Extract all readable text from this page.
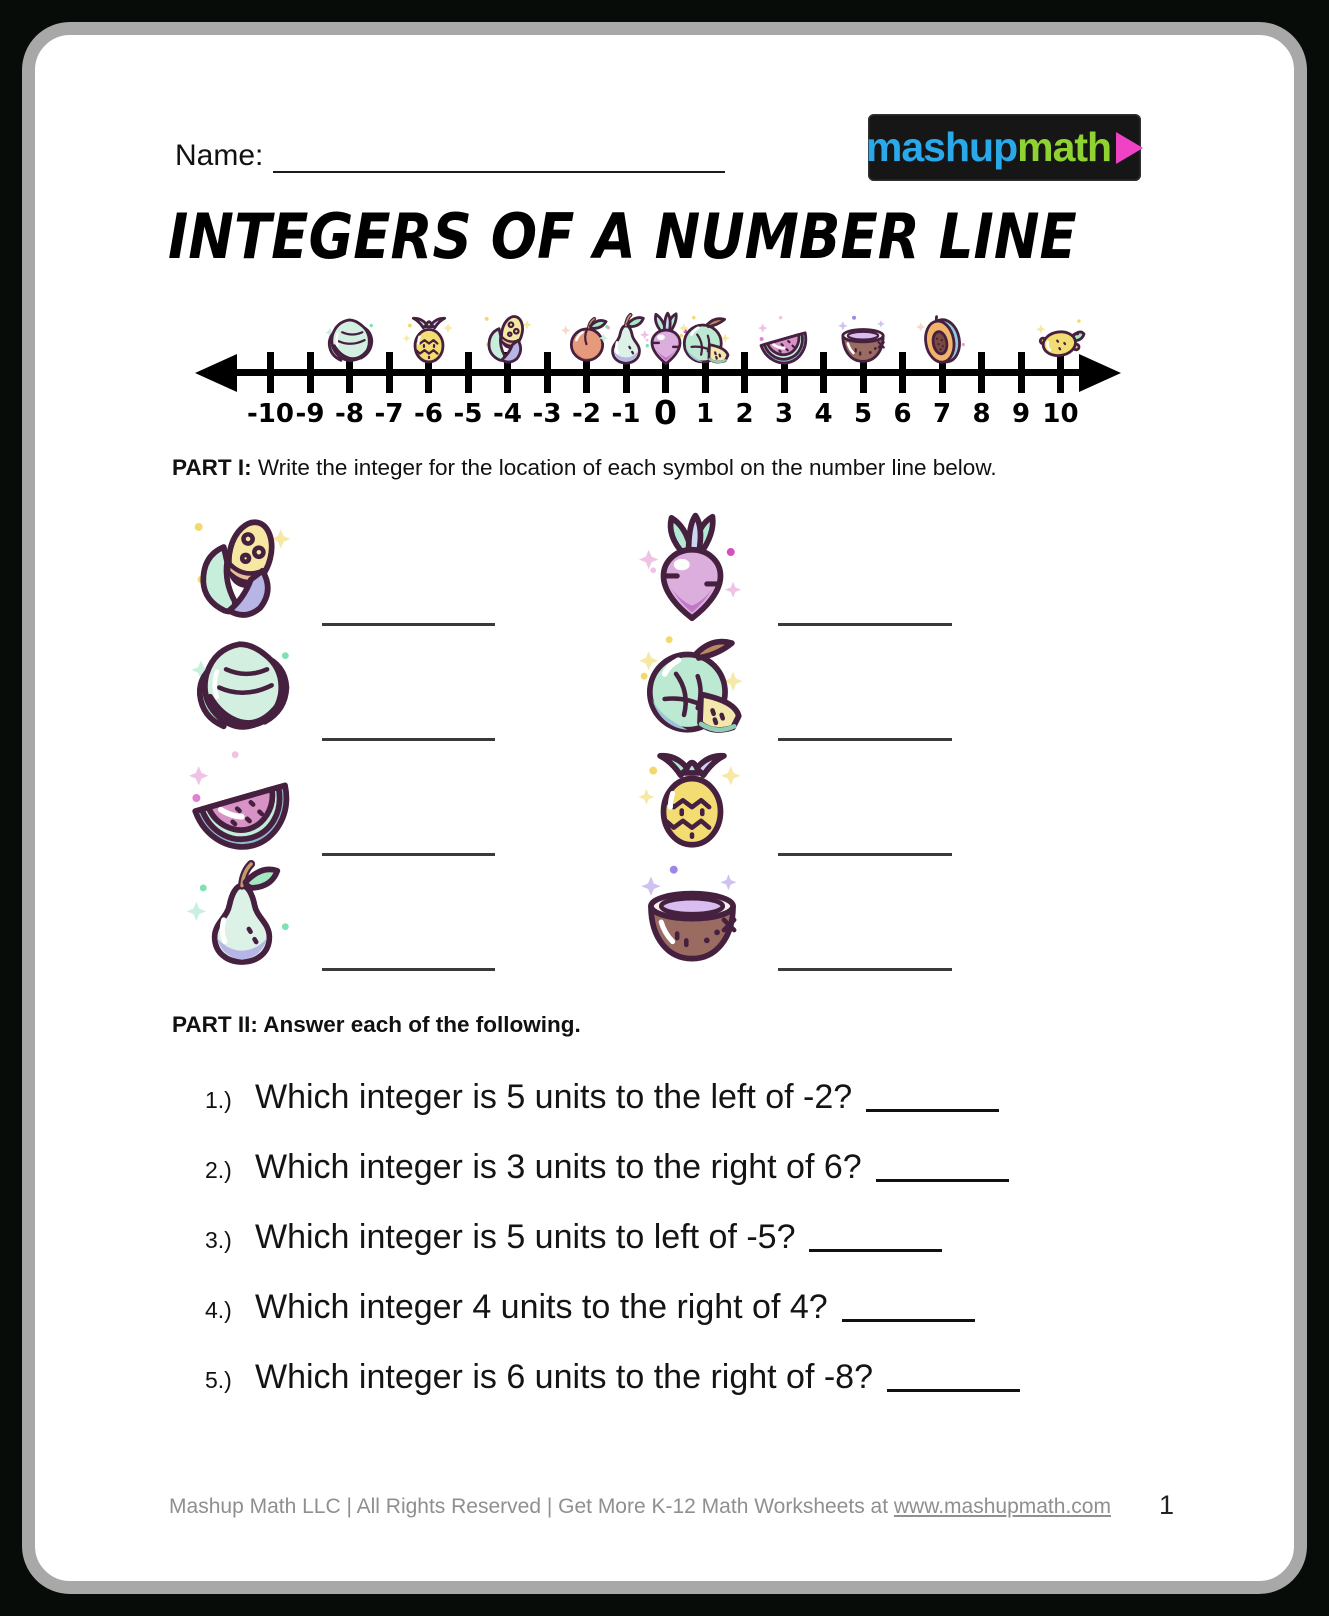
Name:	mashup math
INTEGERS OF A NUMBER LINE
-10 -9 -8 -7 -6 -5 -4 -3 -2 -1 0 1 2 3 4 5 6 7 8 9 10

PART I: Write the integer for the location of each symbol on the number line below.

PART II: Answer each of the following.

1.) Which integer is 5 units to the left of -2?
2.) Which integer is 3 units to the right of 6?
3.) Which integer is 5 units to left of -5?
4.) Which integer 4 units to the right of 4?
5.) Which integer is 6 units to the right of -8?
Mashup Math LLC | All Rights Reserved | Get More K-12 Math Worksheets at www.mashupmath.com	1
